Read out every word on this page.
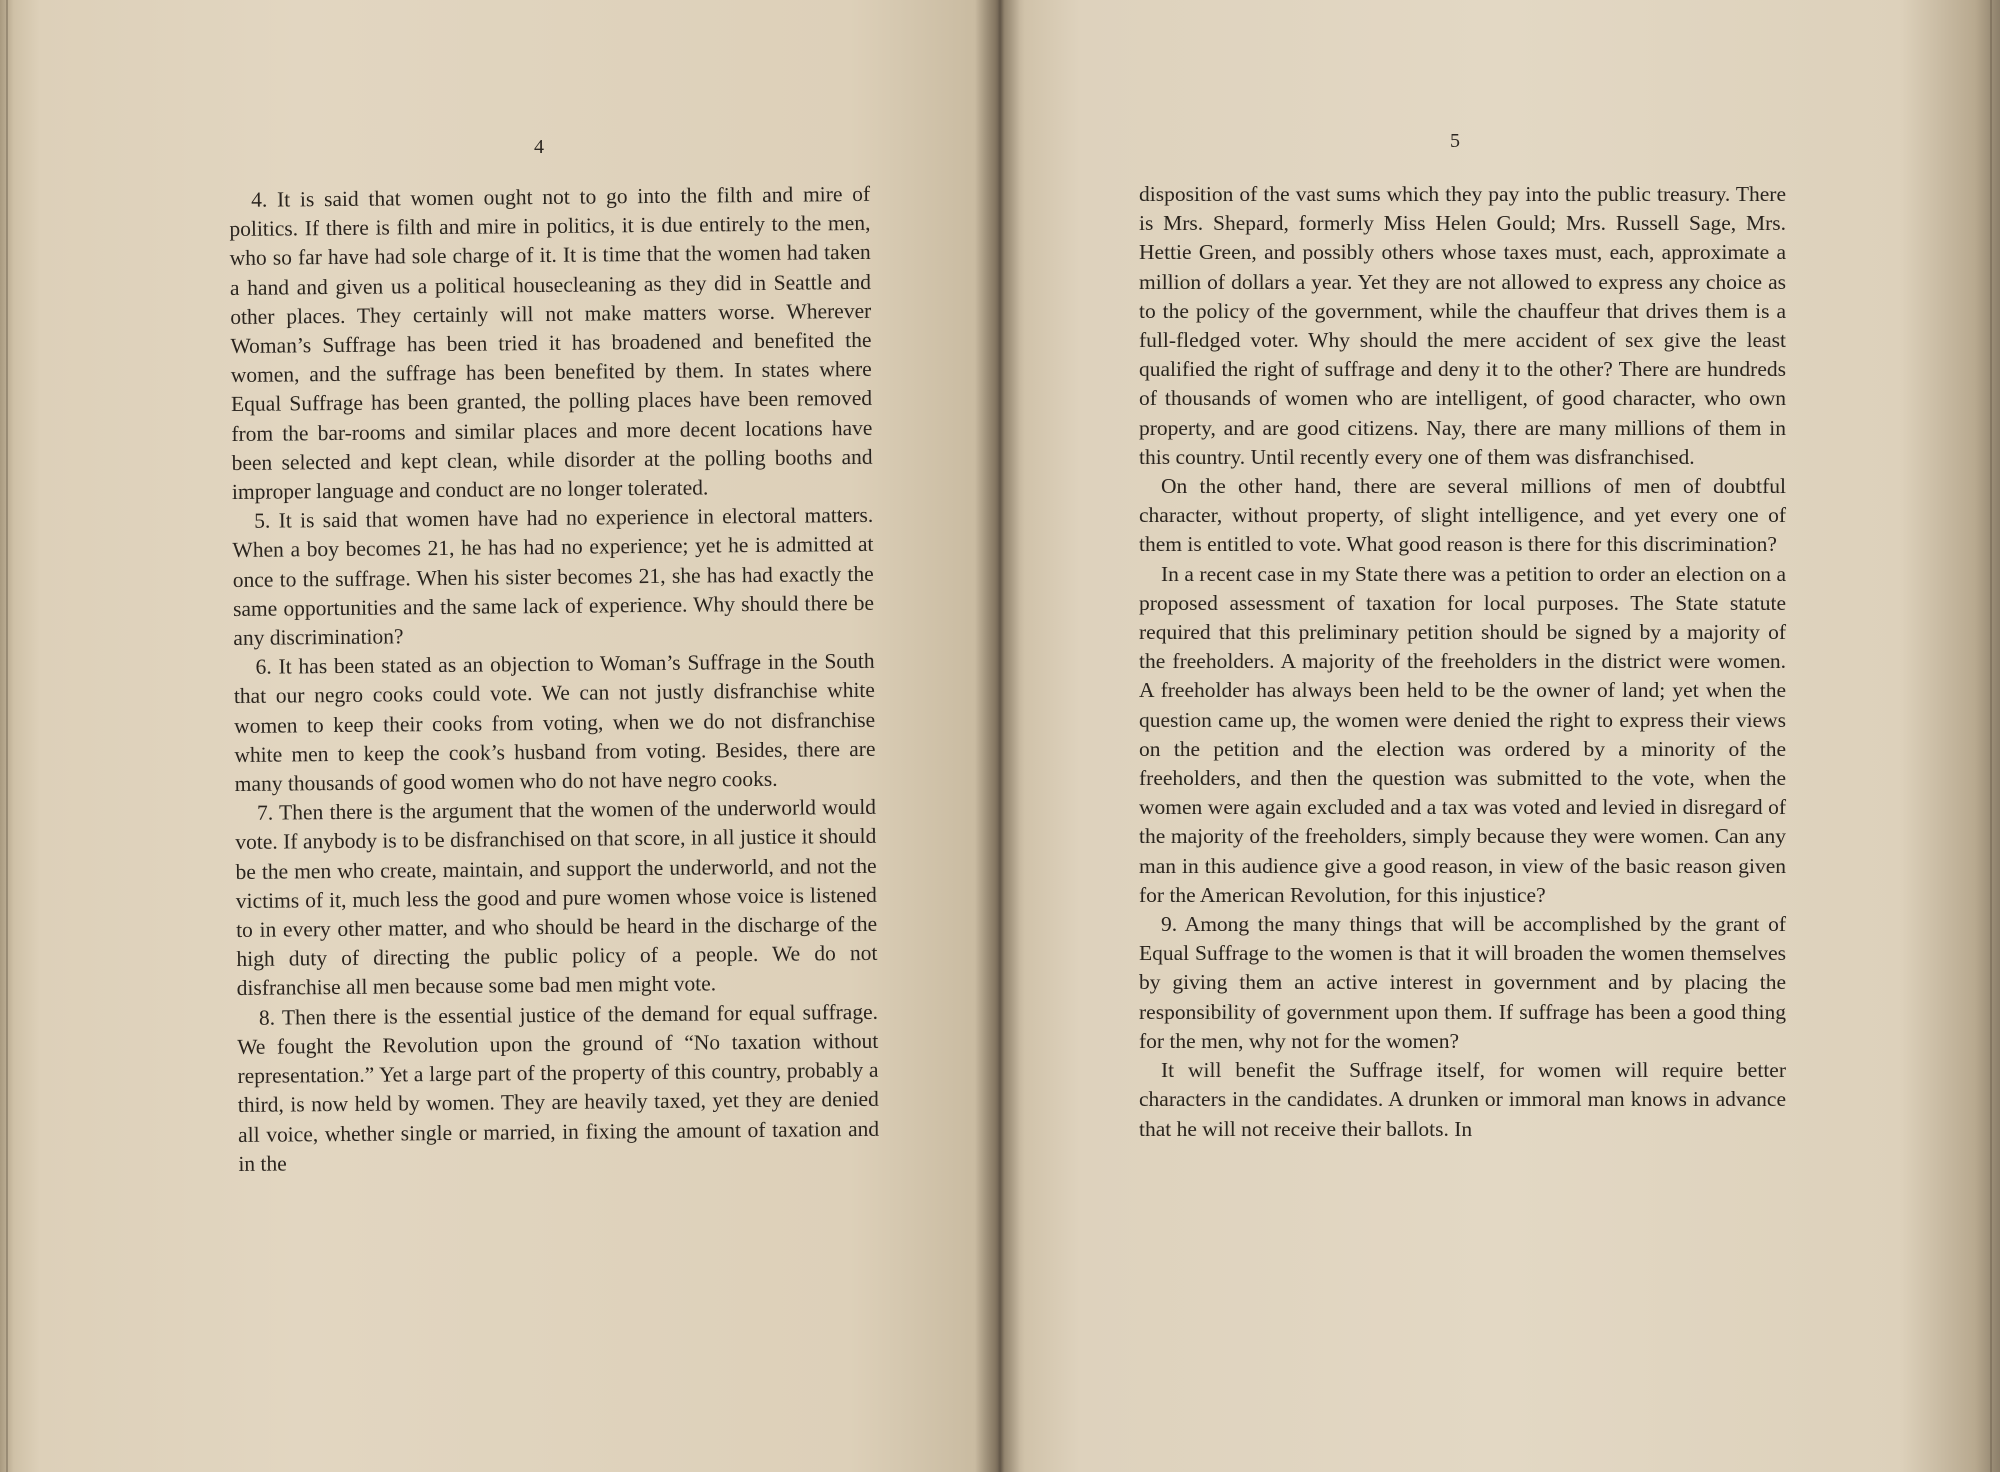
4

4. It is said that women ought not to go into the filth and mire of politics. If there is filth and mire in politics, it is due entirely to the men, who so far have had sole charge of it. It is time that the women had taken a hand and given us a political housecleaning as they did in Seattle and other places. They certainly will not make matters worse. Wherever Woman’s Suffrage has been tried it has broadened and benefited the women, and the suffrage has been benefited by them. In states where Equal Suffrage has been granted, the polling places have been removed from the bar-rooms and similar places and more decent locations have been selected and kept clean, while disorder at the polling booths and improper language and conduct are no longer tolerated.

5. It is said that women have had no experience in electoral matters. When a boy becomes 21, he has had no experience; yet he is admitted at once to the suffrage. When his sister becomes 21, she has had exactly the same opportunities and the same lack of experience. Why should there be any discrimination?

6. It has been stated as an objection to Woman’s Suffrage in the South that our negro cooks could vote. We can not justly disfranchise white women to keep their cooks from voting, when we do not disfranchise white men to keep the cook’s husband from voting. Besides, there are many thousands of good women who do not have negro cooks.

7. Then there is the argument that the women of the underworld would vote. If anybody is to be disfranchised on that score, in all justice it should be the men who create, maintain, and support the underworld, and not the victims of it, much less the good and pure women whose voice is listened to in every other matter, and who should be heard in the discharge of the high duty of directing the public policy of a people. We do not disfranchise all men because some bad men might vote.

8. Then there is the essential justice of the demand for equal suffrage. We fought the Revolution upon the ground of “No taxation without representation.” Yet a large part of the property of this country, probably a third, is now held by women. They are heavily taxed, yet they are denied all voice, whether single or married, in fixing the amount of taxation and in the

5

disposition of the vast sums which they pay into the public treasury. There is Mrs. Shepard, formerly Miss Helen Gould; Mrs. Russell Sage, Mrs. Hettie Green, and possibly others whose taxes must, each, approximate a million of dollars a year. Yet they are not allowed to express any choice as to the policy of the government, while the chauffeur that drives them is a full-fledged voter. Why should the mere accident of sex give the least qualified the right of suffrage and deny it to the other? There are hundreds of thousands of women who are intelligent, of good character, who own property, and are good citizens. Nay, there are many millions of them in this country. Until recently every one of them was disfranchised.

On the other hand, there are several millions of men of doubtful character, without property, of slight intelligence, and yet every one of them is entitled to vote. What good reason is there for this discrimination?

In a recent case in my State there was a petition to order an election on a proposed assessment of taxation for local purposes. The State statute required that this preliminary petition should be signed by a majority of the freeholders. A majority of the freeholders in the district were women. A freeholder has always been held to be the owner of land; yet when the question came up, the women were denied the right to express their views on the petition and the election was ordered by a minority of the freeholders, and then the question was submitted to the vote, when the women were again excluded and a tax was voted and levied in disregard of the majority of the freeholders, simply because they were women. Can any man in this audience give a good reason, in view of the basic reason given for the American Revolution, for this injustice?

9. Among the many things that will be accomplished by the grant of Equal Suffrage to the women is that it will broaden the women themselves by giving them an active interest in government and by placing the responsibility of government upon them. If suffrage has been a good thing for the men, why not for the women?

It will benefit the Suffrage itself, for women will require better characters in the candidates. A drunken or immoral man knows in advance that he will not receive their ballots. In
